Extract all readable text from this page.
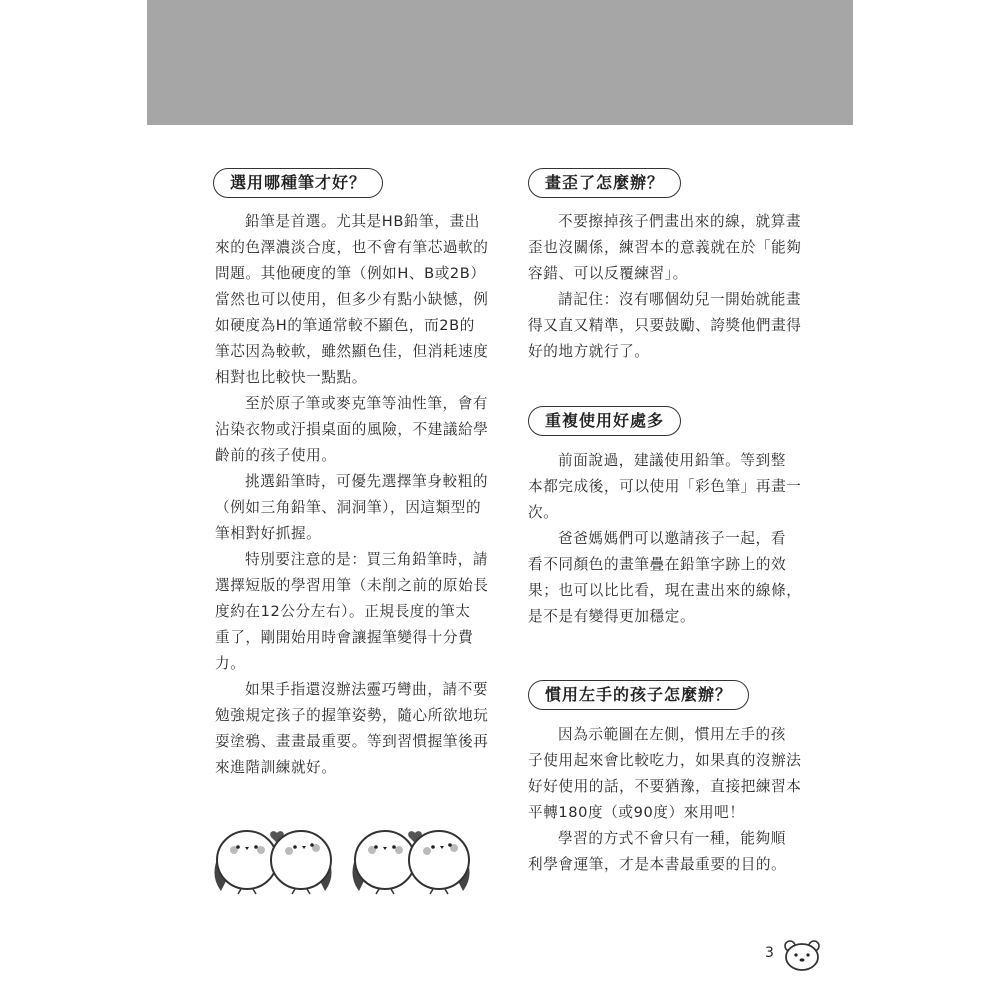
選用哪種筆才好？
鉛筆是首選。尤其是HB鉛筆，畫出
來的色澤濃淡合度，也不會有筆芯過軟的
問題。其他硬度的筆（例如H、B或2B）
當然也可以使用，但多少有點小缺憾，例
如硬度為H的筆通常較不顯色，而2B的
筆芯因為較軟，雖然顯色佳，但消耗速度
相對也比較快一點點。
至於原子筆或麥克筆等油性筆，會有
沾染衣物或汙損桌面的風險，不建議給學
齡前的孩子使用。
挑選鉛筆時，可優先選擇筆身較粗的
（例如三角鉛筆、洞洞筆），因這類型的
筆相對好抓握。
特別要注意的是：買三角鉛筆時，請
選擇短版的學習用筆（未削之前的原始長
度約在12公分左右）。正規長度的筆太
重了，剛開始用時會讓握筆變得十分費
力。
如果手指還沒辦法靈巧彎曲，請不要
勉強規定孩子的握筆姿勢，隨心所欲地玩
耍塗鴉、畫畫最重要。等到習慣握筆後再
來進階訓練就好。
畫歪了怎麼辦？
不要擦掉孩子們畫出來的線，就算畫
歪也沒關係，練習本的意義就在於「能夠
容錯、可以反覆練習」。
請記住：沒有哪個幼兒一開始就能畫
得又直又精準，只要鼓勵、誇獎他們畫得
好的地方就行了。
重複使用好處多
前面說過，建議使用鉛筆。等到整
本都完成後，可以使用「彩色筆」再畫一
次。
爸爸媽媽們可以邀請孩子一起，看
看不同顏色的畫筆疊在鉛筆字跡上的效
果；也可以比比看，現在畫出來的線條，
是不是有變得更加穩定。
慣用左手的孩子怎麼辦？
因為示範圖在左側，慣用左手的孩
子使用起來會比較吃力，如果真的沒辦法
好好使用的話，不要猶豫，直接把練習本
平轉180度（或90度）來用吧！
學習的方式不會只有一種，能夠順
利學會運筆，才是本書最重要的目的。
3
